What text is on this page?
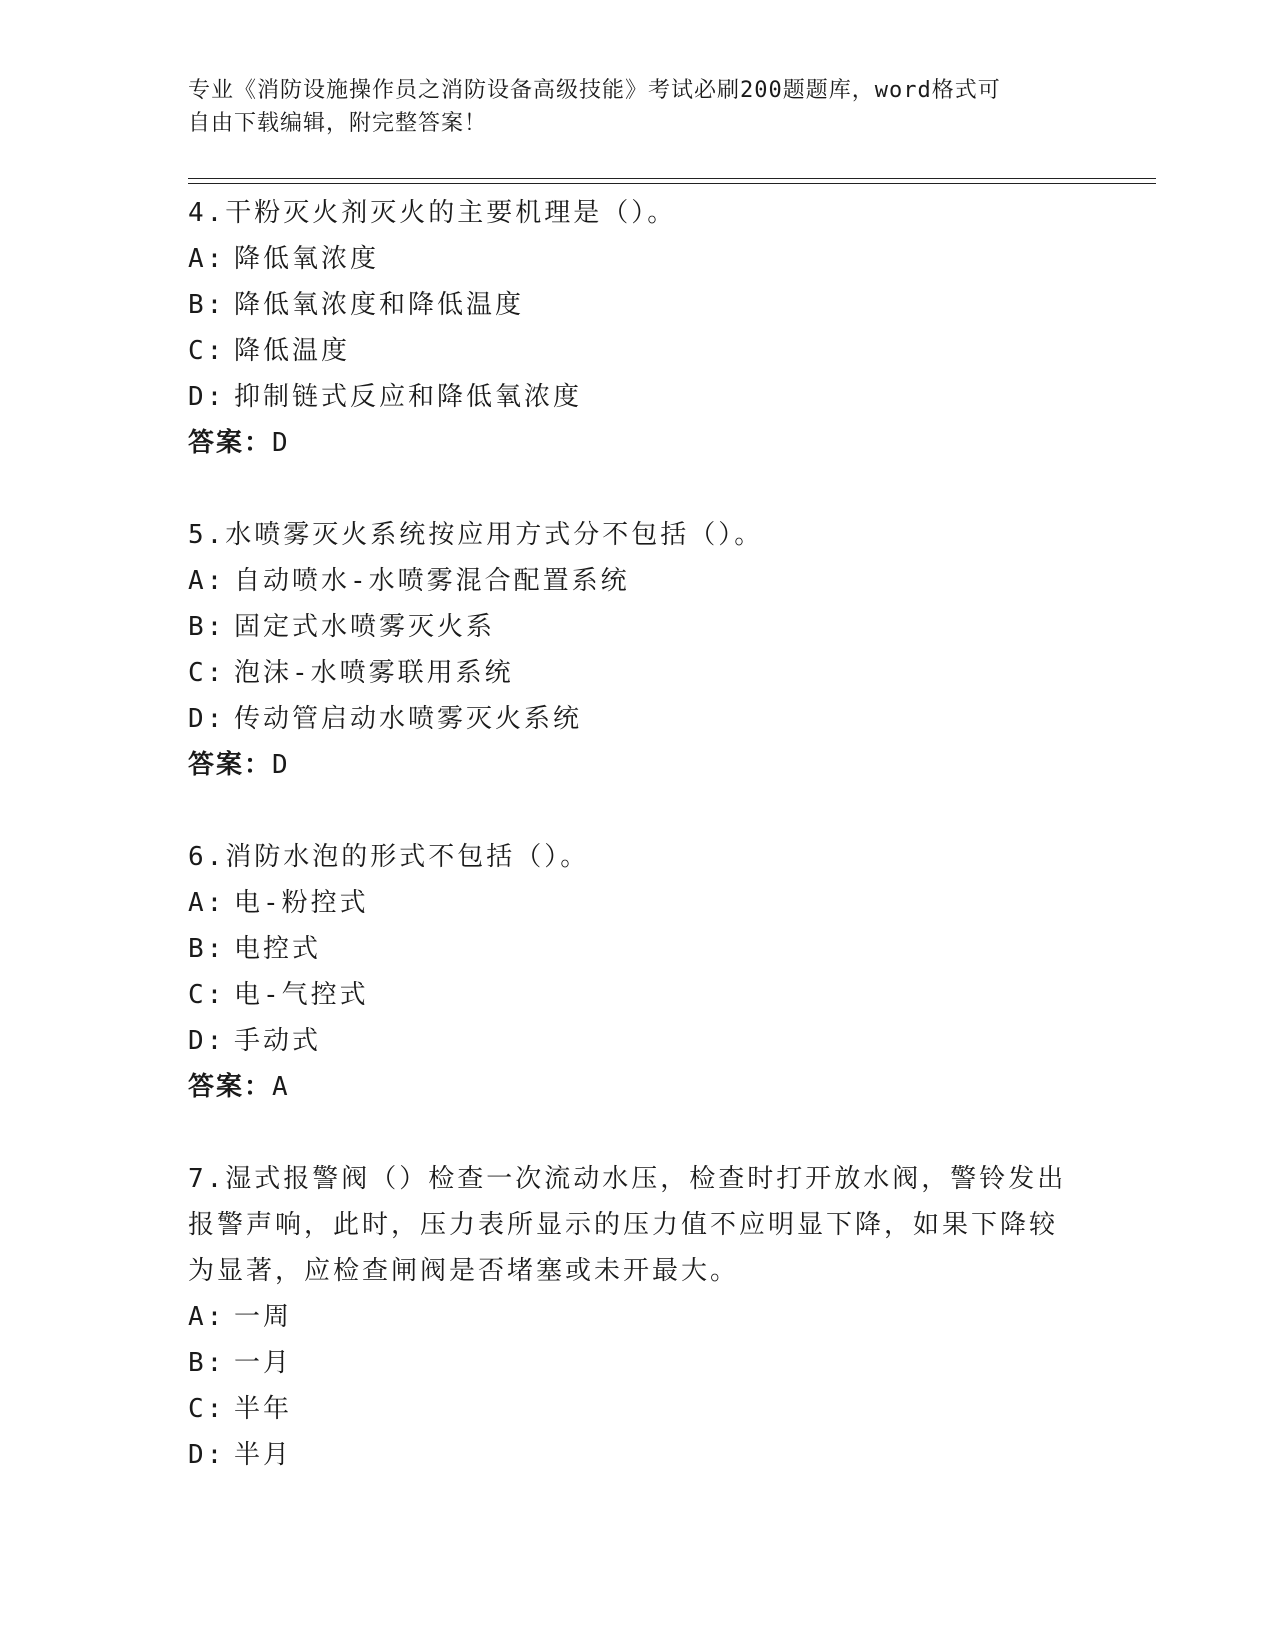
专业《消防设施操作员之消防设备高级技能》考试必刷200题题库，word格式可
自由下载编辑，附完整答案！
4.干粉灭火剂灭火的主要机理是（）。
A: 降低氧浓度
B: 降低氧浓度和降低温度
C: 降低温度
D: 抑制链式反应和降低氧浓度
答案：D
5.水喷雾灭火系统按应用方式分不包括（）。
A: 自动喷水-水喷雾混合配置系统
B: 固定式水喷雾灭火系
C: 泡沫-水喷雾联用系统
D: 传动管启动水喷雾灭火系统
答案：D
6.消防水泡的形式不包括（）。
A: 电-粉控式
B: 电控式
C: 电-气控式
D: 手动式
答案：A
7.湿式报警阀（）检查一次流动水压，检查时打开放水阀，警铃发出报警声响，此时，压力表所显示的压力值不应明显下降，如果下降较为显著，应检查闸阀是否堵塞或未开最大。
A: 一周
B: 一月
C: 半年
D: 半月
